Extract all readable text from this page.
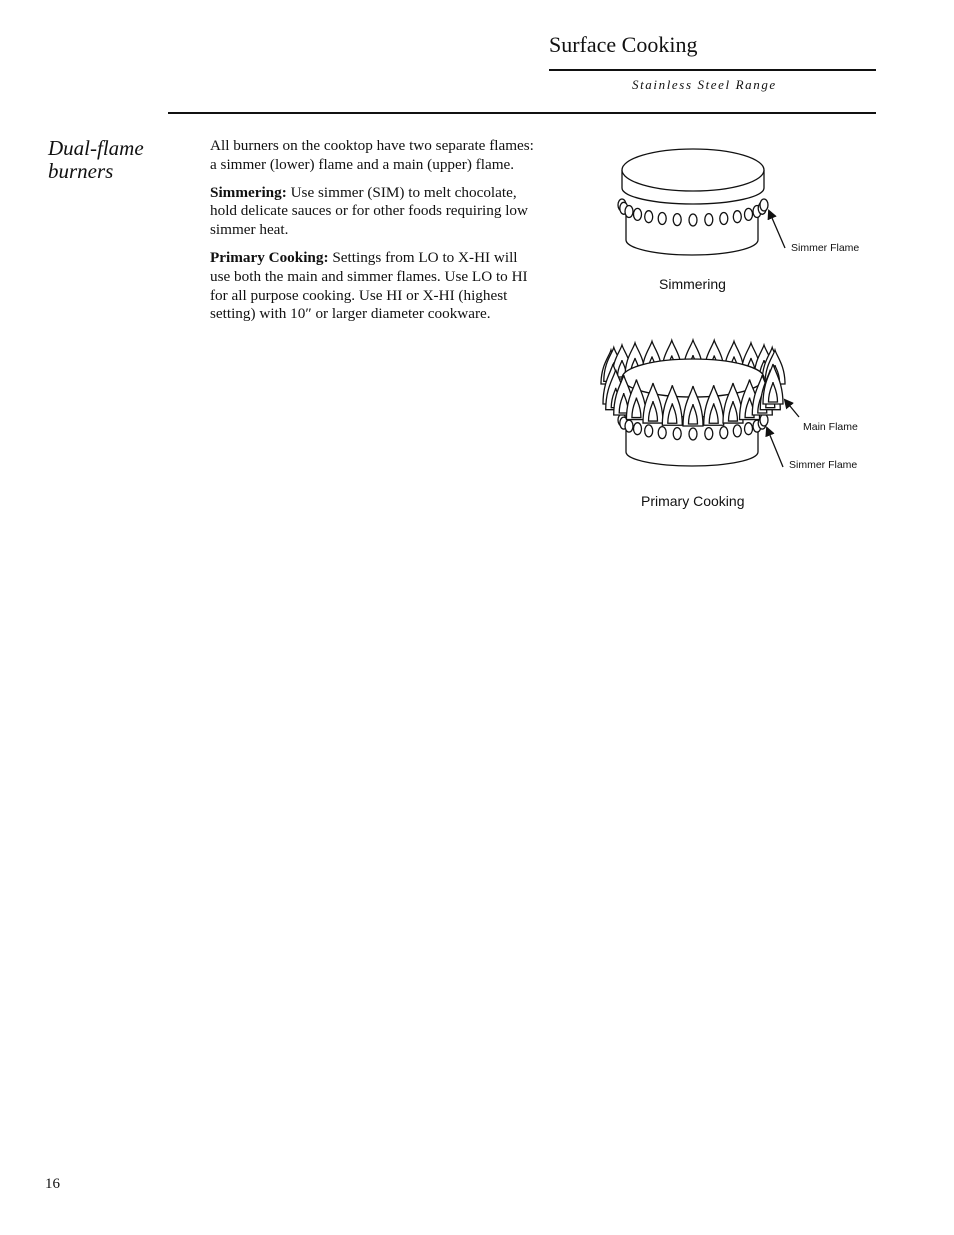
Surface Cooking
Stainless Steel Range
Dual-flame
burners

All burners on the cooktop have two separate flames: a simmer (lower) flame and a main (upper) flame.

Simmering: Use simmer (SIM) to melt chocolate, hold delicate sauces or for other foods requiring low simmer heat.

Primary Cooking: Settings from LO to X-HI will use both the main and simmer flames. Use LO to HI for all purpose cooking. Use HI or X-HI (highest setting) with 10″ or larger diameter cookware.

Simmering
Simmer Flame
Primary Cooking
Main Flame
Simmer Flame
16
